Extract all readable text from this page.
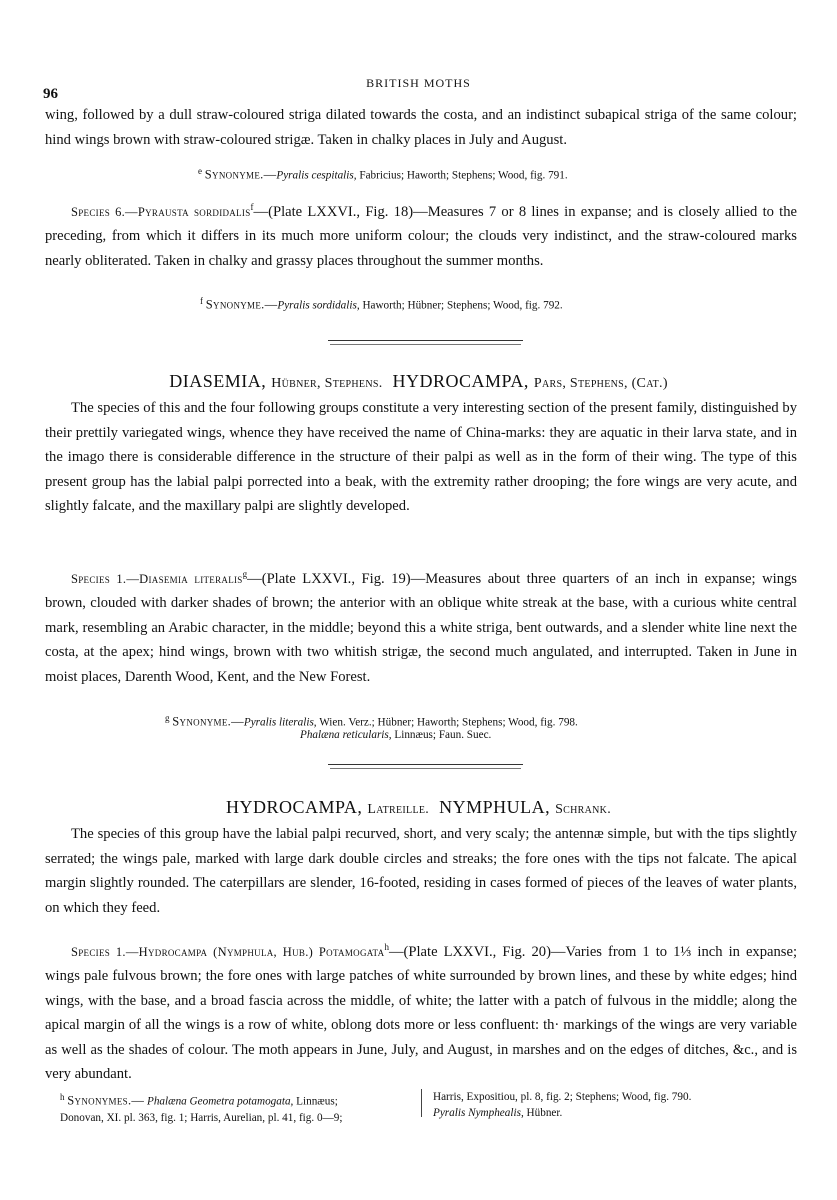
96
BRITISH MOTHS
wing, followed by a dull straw-coloured striga dilated towards the costa, and an indistinct subapical striga of the same colour; hind wings brown with straw-coloured strigæ. Taken in chalky places in July and August.
$^e$ Synonyme.—Pyralis cespitalis, Fabricius; Haworth; Stephens; Wood, fig. 791.
Species 6.—Pyrausta sordidalis$^f$—(Plate LXXVI., Fig. 18)—Measures 7 or 8 lines in expanse; and is closely allied to the preceding, from which it differs in its much more uniform colour; the clouds very indistinct, and the straw-coloured marks nearly obliterated. Taken in chalky and grassy places throughout the summer months.
$^f$ Synonyme.—Pyralis sordidalis, Haworth; Hübner; Stephens; Wood, fig. 792.
DIASEMIA, Hübner, Stephens. HYDROCAMPA, Pars, Stephens, (Cat.)
The species of this and the four following groups constitute a very interesting section of the present family, distinguished by their prettily variegated wings, whence they have received the name of China-marks: they are aquatic in their larva state, and in the imago there is considerable difference in the structure of their palpi as well as in the form of their wing. The type of this present group has the labial palpi porrected into a beak, with the extremity rather drooping; the fore wings are very acute, and slightly falcate, and the maxillary palpi are slightly developed.
Species 1.—Diasemia literalis$^g$—(Plate LXXVI., Fig. 19)—Measures about three quarters of an inch in expanse; wings brown, clouded with darker shades of brown; the anterior with an oblique white streak at the base, with a curious white central mark, resembling an Arabic character, in the middle; beyond this a white striga, bent outwards, and a slender white line next the costa, at the apex; hind wings, brown with two whitish strigæ, the second much angulated, and interrupted. Taken in June in moist places, Darenth Wood, Kent, and the New Forest.
$^g$ Synonyme.—Pyralis literalis, Wien. Verz.; Hübner; Haworth; Stephens; Wood, fig. 798.
Phalæna reticularis, Linnæus; Faun. Suec.
HYDROCAMPA, Latreille. NYMPHULA, Schrank.
The species of this group have the labial palpi recurved, short, and very scaly; the antennæ simple, but with the tips slightly serrated; the wings pale, marked with large dark double circles and streaks; the fore ones with the tips not falcate. The apical margin slightly rounded. The caterpillars are slender, 16-footed, residing in cases formed of pieces of the leaves of water plants, on which they feed.
Species 1.—Hydrocampa (Nymphula, Hub.) Potamogata$^h$—(Plate LXXVI., Fig. 20)—Varies from 1 to 1⅓ inch in expanse; wings pale fulvous brown; the fore ones with large patches of white surrounded by brown lines, and these by white edges; hind wings, with the base, and a broad fascia across the middle, of white; the latter with a patch of fulvous in the middle; along the apical margin of all the wings is a row of white, oblong dots more or less confluent: th· markings of the wings are very variable as well as the shades of colour. The moth appears in June, July, and August, in marshes and on the edges of ditches, &c., and is very abundant.
$^h$ Synonymes.— Phalæna Geometra potamogata, Linnæus;
Donovan, XI. pl. 363, fig. 1; Harris, Aurelian, pl. 41, fig. 0—9;
Harris, Expositiou, pl. 8, fig. 2; Stephens; Wood, fig. 790.
Pyralis Nymphealis, Hübner.
